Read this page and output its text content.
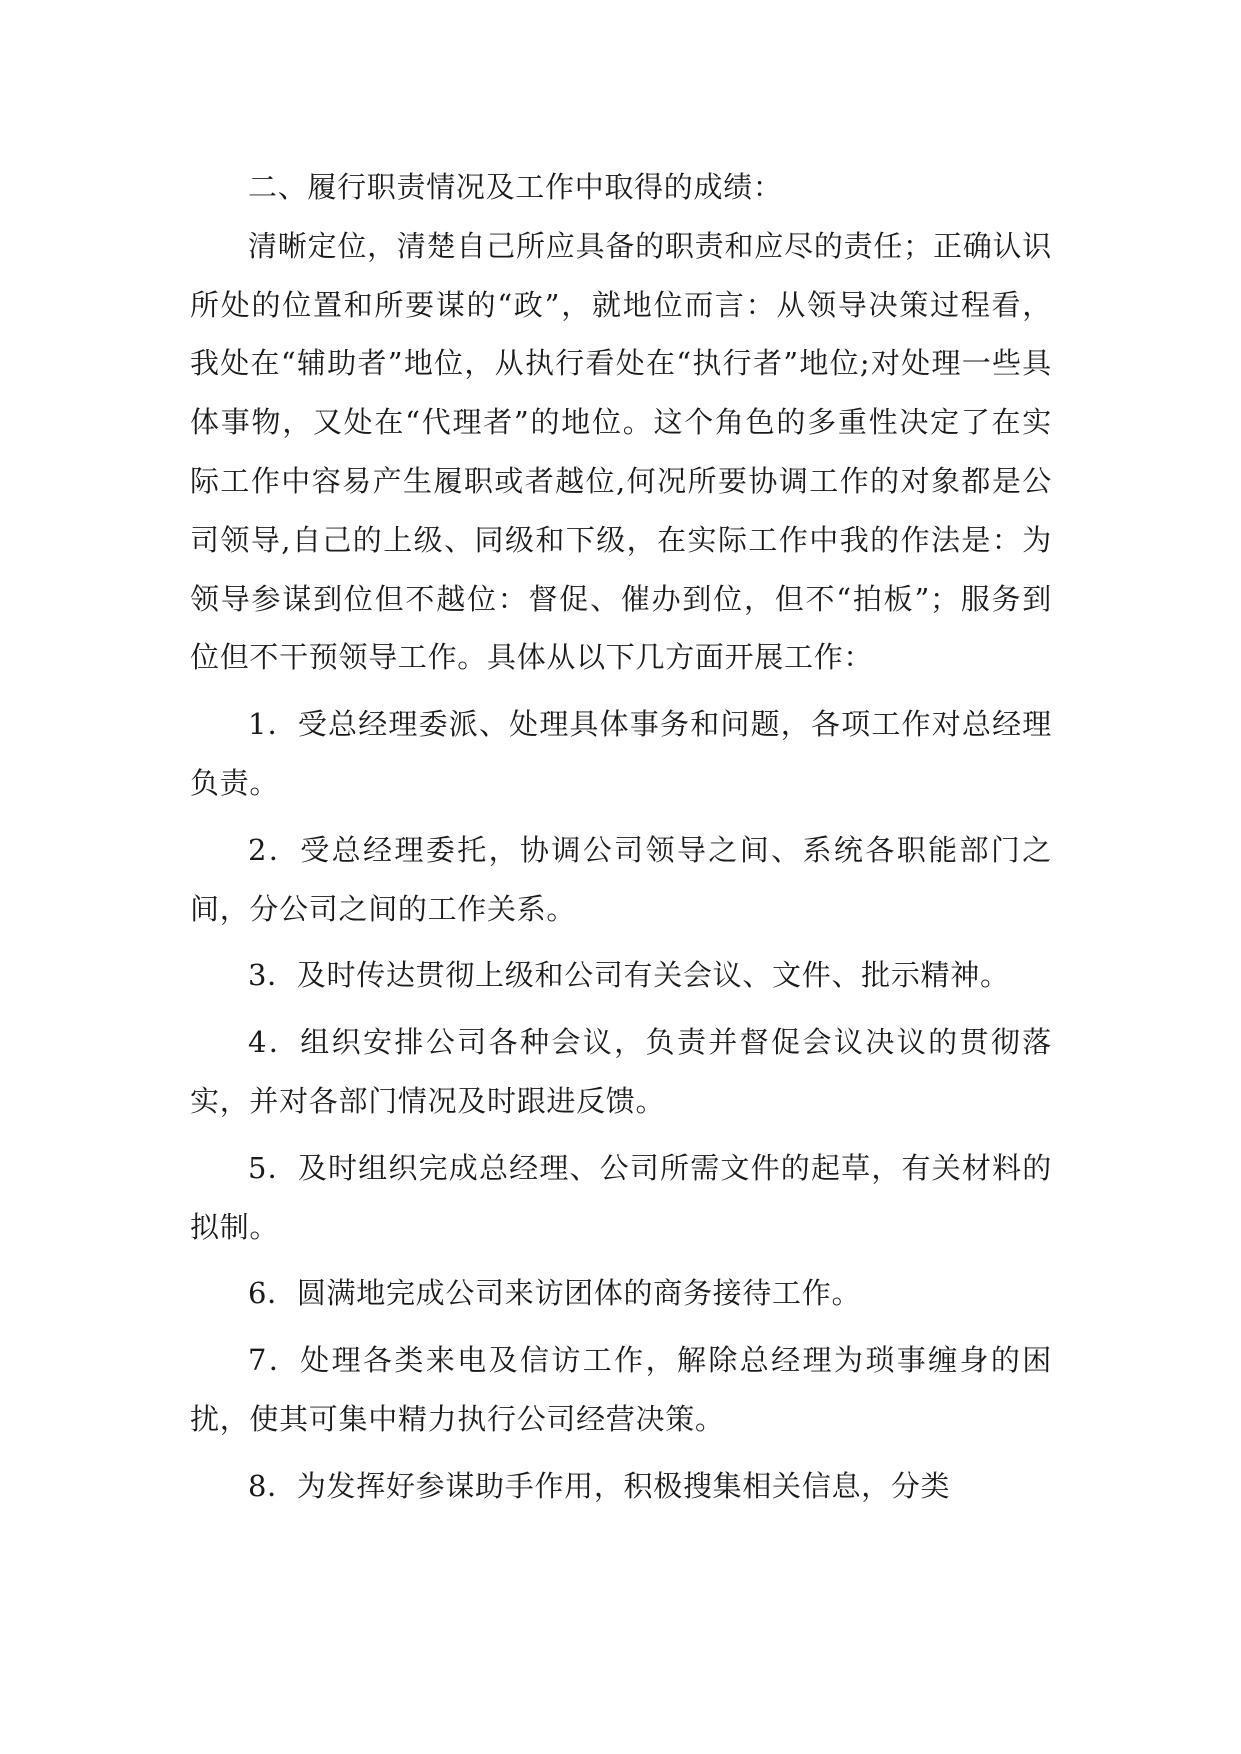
二、履行职责情况及工作中取得的成绩：

清晰定位，清楚自己所应具备的职责和应尽的责任；正确认识所处的位置和所要谋的“政”，就地位而言：从领导决策过程看，我处在“辅助者”地位，从执行看处在“执行者”地位;对处理一些具体事物，又处在“代理者”的地位。这个角色的多重性决定了在实际工作中容易产生履职或者越位,何况所要协调工作的对象都是公司领导,自己的上级、同级和下级，在实际工作中我的作法是：为领导参谋到位但不越位：督促、催办到位，但不“拍板”；服务到位但不干预领导工作。具体从以下几方面开展工作：

1．受总经理委派、处理具体事务和问题，各项工作对总经理负责。

2．受总经理委托，协调公司领导之间、系统各职能部门之间，分公司之间的工作关系。

3．及时传达贯彻上级和公司有关会议、文件、批示精神。

4．组织安排公司各种会议，负责并督促会议决议的贯彻落实，并对各部门情况及时跟进反馈。

5．及时组织完成总经理、公司所需文件的起草，有关材料的拟制。

6．圆满地完成公司来访团体的商务接待工作。

7．处理各类来电及信访工作，解除总经理为琐事缠身的困扰，使其可集中精力执行公司经营决策。

8．为发挥好参谋助手作用，积极搜集相关信息，分类
